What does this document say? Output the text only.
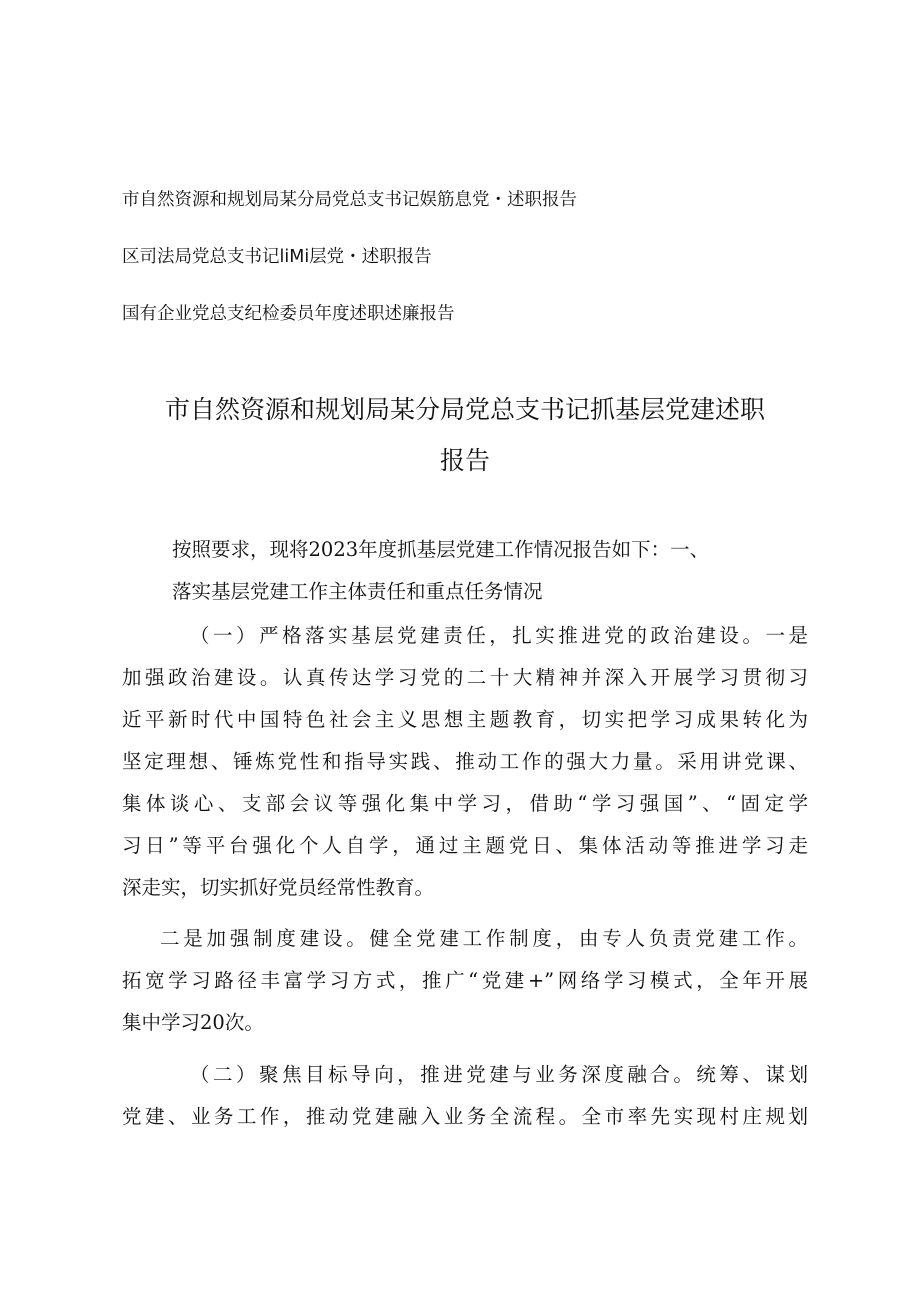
市自然资源和规划局某分局党总支书记娱筋息党・述职报告
区司法局党总支书记liMi层党・述职报告
国有企业党总支纪检委员年度述职述廉报告
市自然资源和规划局某分局党总支书记抓基层党建述职
报告
按照要求，现将2023年度抓基层党建工作情况报告如下：一、
落实基层党建工作主体责任和重点任务情况
（一）严格落实基层党建责任，扎实推进党的政治建设。一是
加强政治建设。认真传达学习党的二十大精神并深入开展学习贯彻习
近平新时代中国特色社会主义思想主题教育，切实把学习成果转化为
坚定理想、锤炼党性和指导实践、推动工作的强大力量。采用讲党课、
集体谈心、支部会议等强化集中学习，借助“学习强国”、“固定学
习日”等平台强化个人自学，通过主题党日、集体活动等推进学习走
深走实，切实抓好党员经常性教育。
二是加强制度建设。健全党建工作制度，由专人负责党建工作。
拓宽学习路径丰富学习方式，推广“党建+”网络学习模式，全年开展
集中学习20次。
（二）聚焦目标导向，推进党建与业务深度融合。统筹、谋划
党建、业务工作，推动党建融入业务全流程。全市率先实现村庄规划
